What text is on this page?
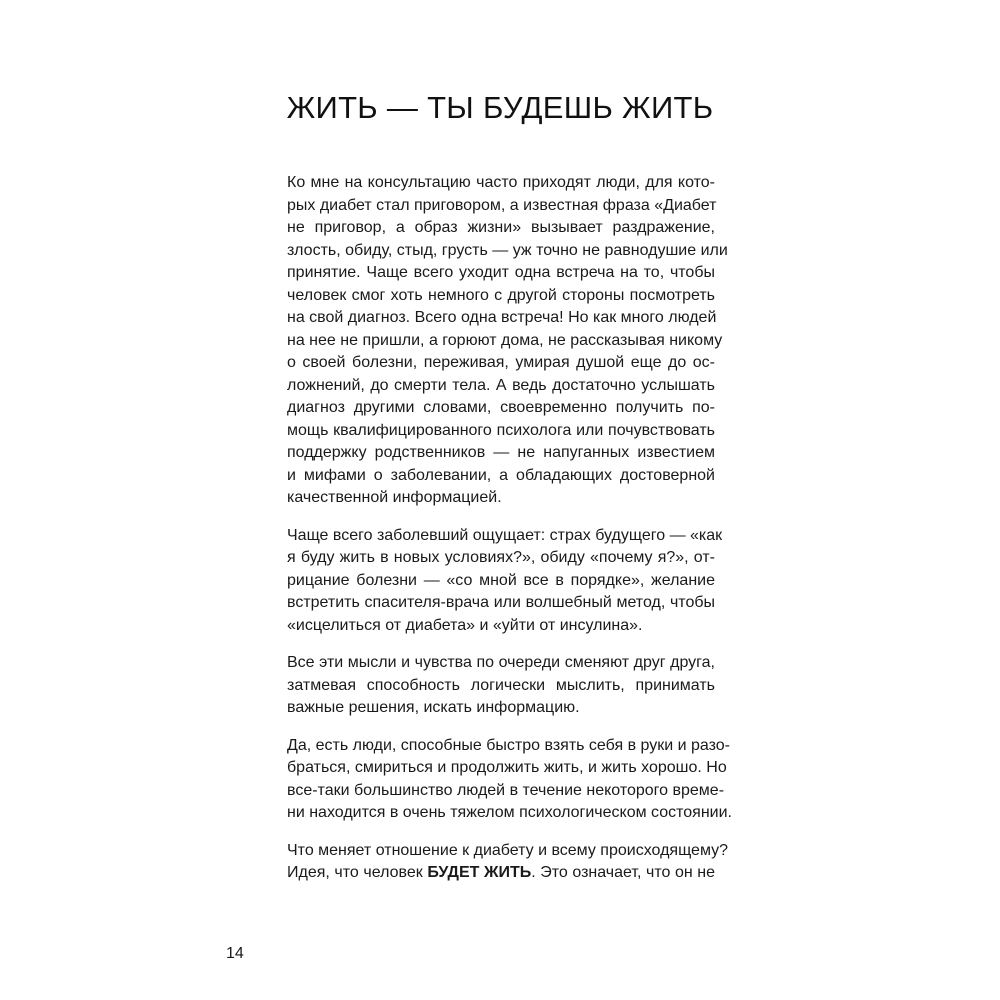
ЖИТЬ — ТЫ БУДЕШЬ ЖИТЬ

Ко мне на консультацию часто приходят люди, для кото-
рых диабет стал приговором, а известная фраза «Диабет
не приговор, а образ жизни» вызывает раздражение,
злость, обиду, стыд, грусть — уж точно не равнодушие или
принятие. Чаще всего уходит одна встреча на то, чтобы
человек смог хоть немного с другой стороны посмотреть
на свой диагноз. Всего одна встреча! Но как много людей
на нее не пришли, а горюют дома, не рассказывая никому
о своей болезни, переживая, умирая душой еще до ос-
ложнений, до смерти тела. А ведь достаточно услышать
диагноз другими словами, своевременно получить по-
мощь квалифицированного психолога или почувствовать
поддержку родственников — не напуганных известием
и мифами о заболевании, а обладающих достоверной
качественной информацией.

Чаще всего заболевший ощущает: страх будущего — «как
я буду жить в новых условиях?», обиду «почему я?», от-
рицание болезни — «со мной все в порядке», желание
встретить спасителя-врача или волшебный метод, чтобы
«исцелиться от диабета» и «уйти от инсулина».

Все эти мысли и чувства по очереди сменяют друг друга,
затмевая способность логически мыслить, принимать
важные решения, искать информацию.

Да, есть люди, способные быстро взять себя в руки и разо-
браться, смириться и продолжить жить, и жить хорошо. Но
все-таки большинство людей в течение некоторого време-
ни находится в очень тяжелом психологическом состоянии.

Что меняет отношение к диабету и всему происходящему?
Идея, что человек БУДЕТ ЖИТЬ. Это означает, что он не

14
